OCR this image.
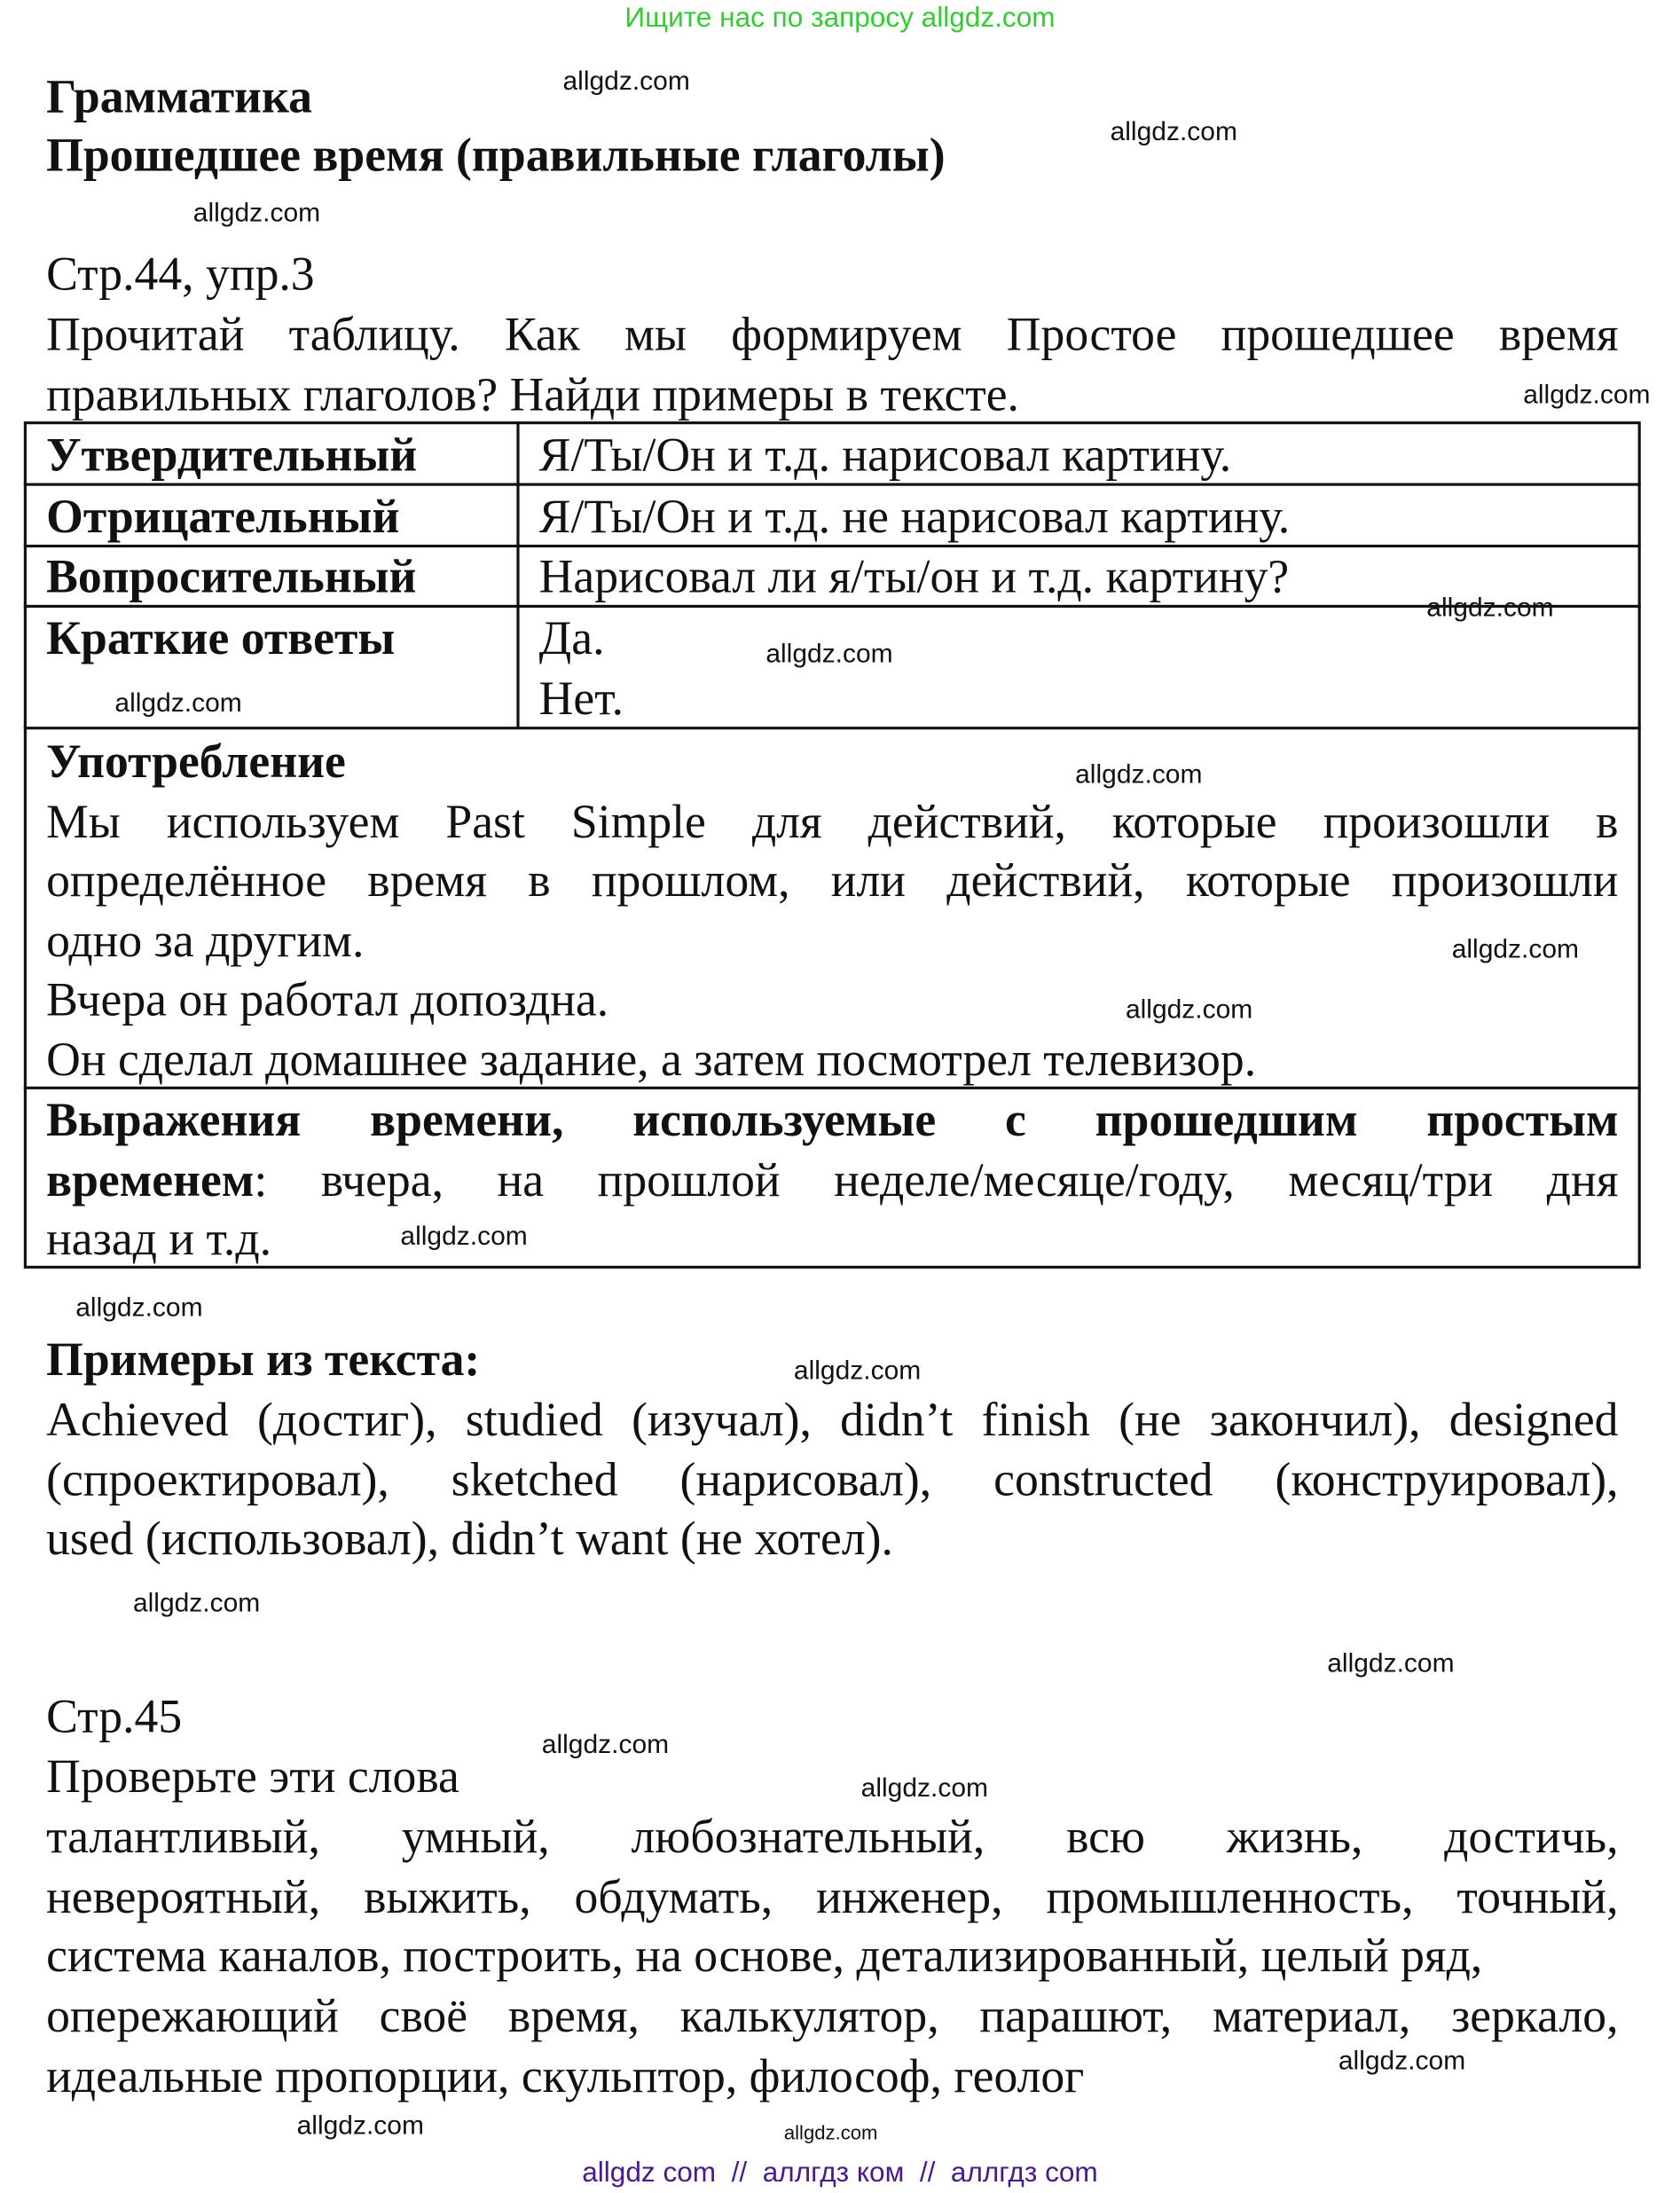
Ищите нас по запросу allgdz.com
Грамматика
Прошедшее время (правильные глаголы)
Стр.44, упр.3
Прочитай таблицу. Как мы формируем Простое прошедшее время
правильных глаголов? Найди примеры в тексте.
Утвердительный	Я/Ты/Он и т.д. нарисовал картину.
Отрицательный	Я/Ты/Он и т.д. не нарисовал картину.
Вопросительный	Нарисовал ли я/ты/он и т.д. картину?
Краткие ответы	Да.
Нет.
Употребление
Мы используем Past Simple для действий, которые произошли в
определённое время в прошлом, или действий, которые произошли
одно за другим.
Вчера он работал допоздна.
Он сделал домашнее задание, а затем посмотрел телевизор.
Выражения времени, используемые с прошедшим простым
временем: вчера, на прошлой неделе/месяце/году, месяц/три дня
назад и т.д.
Примеры из текста:
Achieved (достиг), studied (изучал), didn’t finish (не закончил), designed
(спроектировал), sketched (нарисовал), constructed (конструировал),
used (использовал), didn’t want (не хотел).
Стр.45
Проверьте эти слова
талантливый, умный, любознательный, всю жизнь, достичь,
невероятный, выжить, обдумать, инженер, промышленность, точный,
система каналов, построить, на основе, детализированный, целый ряд,
опережающий своё время, калькулятор, парашют, материал, зеркало,
идеальные пропорции, скульптор, философ, геолог
allgdz.com
allgdz.com
allgdz.com
allgdz.com
allgdz.com
allgdz.com
allgdz.com
allgdz.com
allgdz.com
allgdz.com
allgdz.com
allgdz.com
allgdz.com
allgdz.com
allgdz.com
allgdz.com
allgdz.com
allgdz.com
allgdz.com
allgdz.com
allgdz com  //  аллгдз ком  //  аллгдз com
